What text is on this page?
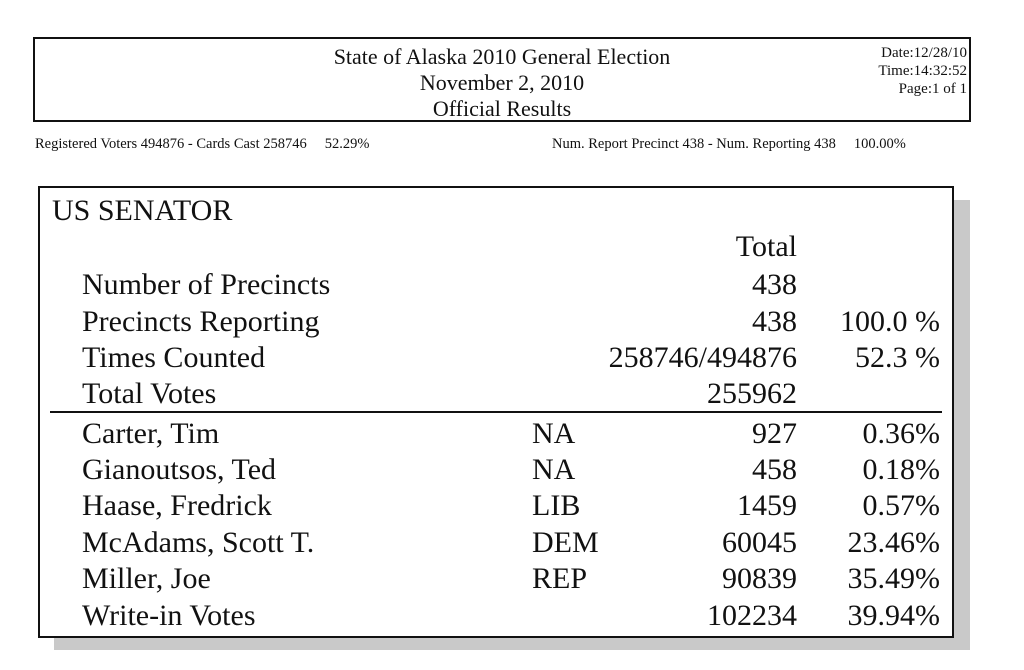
State of Alaska 2010 General Election
November 2, 2010
Official Results
Date:12/28/10
Time:14:32:52
Page:1 of 1
Registered Voters 494876 - Cards Cast 258746 52.29%	Num. Report Precinct 438 - Num. Reporting 438 100.00%
US SENATOR
Total
Number of Precincts	438
Precincts Reporting	438 100.0 %
Times Counted	258746/494876 52.3 %
Total Votes	255962
Carter, Tim	NA	927 0.36%
Gianoutsos, Ted	NA	458 0.18%
Haase, Fredrick	LIB	1459 0.57%
McAdams, Scott T.	DEM	60045 23.46%
Miller, Joe	REP	90839 35.49%
Write-in Votes	102234 39.94%
